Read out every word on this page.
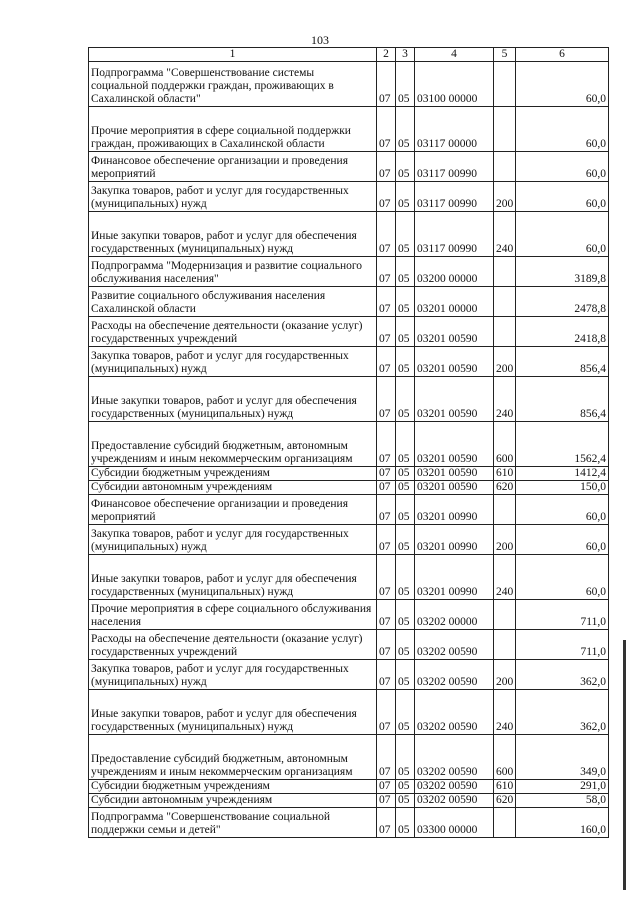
103
1	2	3	4	5	6
Подпрограмма "Совершенствование системы социальной поддержки граждан, проживающих в Сахалинской области"	07	05	03100 00000		60,0
Прочие мероприятия в сфере социальной поддержки граждан, проживающих в Сахалинской области	07	05	03117 00000		60,0
Финансовое обеспечение организации и проведения мероприятий	07	05	03117 00990		60,0
Закупка товаров, работ и услуг для государственных (муниципальных) нужд	07	05	03117 00990	200	60,0
Иные закупки товаров, работ и услуг для обеспечения государственных (муниципальных) нужд	07	05	03117 00990	240	60,0
Подпрограмма "Модернизация и развитие социального обслуживания населения"	07	05	03200 00000		3189,8
Развитие социального обслуживания населения Сахалинской области	07	05	03201 00000		2478,8
Расходы на обеспечение деятельности (оказание услуг) государственных учреждений	07	05	03201 00590		2418,8
Закупка товаров, работ и услуг для государственных (муниципальных) нужд	07	05	03201 00590	200	856,4
Иные закупки товаров, работ и услуг для обеспечения государственных (муниципальных) нужд	07	05	03201 00590	240	856,4
Предоставление субсидий бюджетным, автономным учреждениям и иным некоммерческим организациям	07	05	03201 00590	600	1562,4
Субсидии бюджетным учреждениям	07	05	03201 00590	610	1412,4
Субсидии автономным учреждениям	07	05	03201 00590	620	150,0
Финансовое обеспечение организации и проведения мероприятий	07	05	03201 00990		60,0
Закупка товаров, работ и услуг для государственных (муниципальных) нужд	07	05	03201 00990	200	60,0
Иные закупки товаров, работ и услуг для обеспечения государственных (муниципальных) нужд	07	05	03201 00990	240	60,0
Прочие мероприятия в сфере социального обслуживания населения	07	05	03202 00000		711,0
Расходы на обеспечение деятельности (оказание услуг) государственных учреждений	07	05	03202 00590		711,0
Закупка товаров, работ и услуг для государственных (муниципальных) нужд	07	05	03202 00590	200	362,0
Иные закупки товаров, работ и услуг для обеспечения государственных (муниципальных) нужд	07	05	03202 00590	240	362,0
Предоставление субсидий бюджетным, автономным учреждениям и иным некоммерческим организациям	07	05	03202 00590	600	349,0
Субсидии бюджетным учреждениям	07	05	03202 00590	610	291,0
Субсидии автономным учреждениям	07	05	03202 00590	620	58,0
Подпрограмма "Совершенствование социальной поддержки семьи и детей"	07	05	03300 00000		160,0
